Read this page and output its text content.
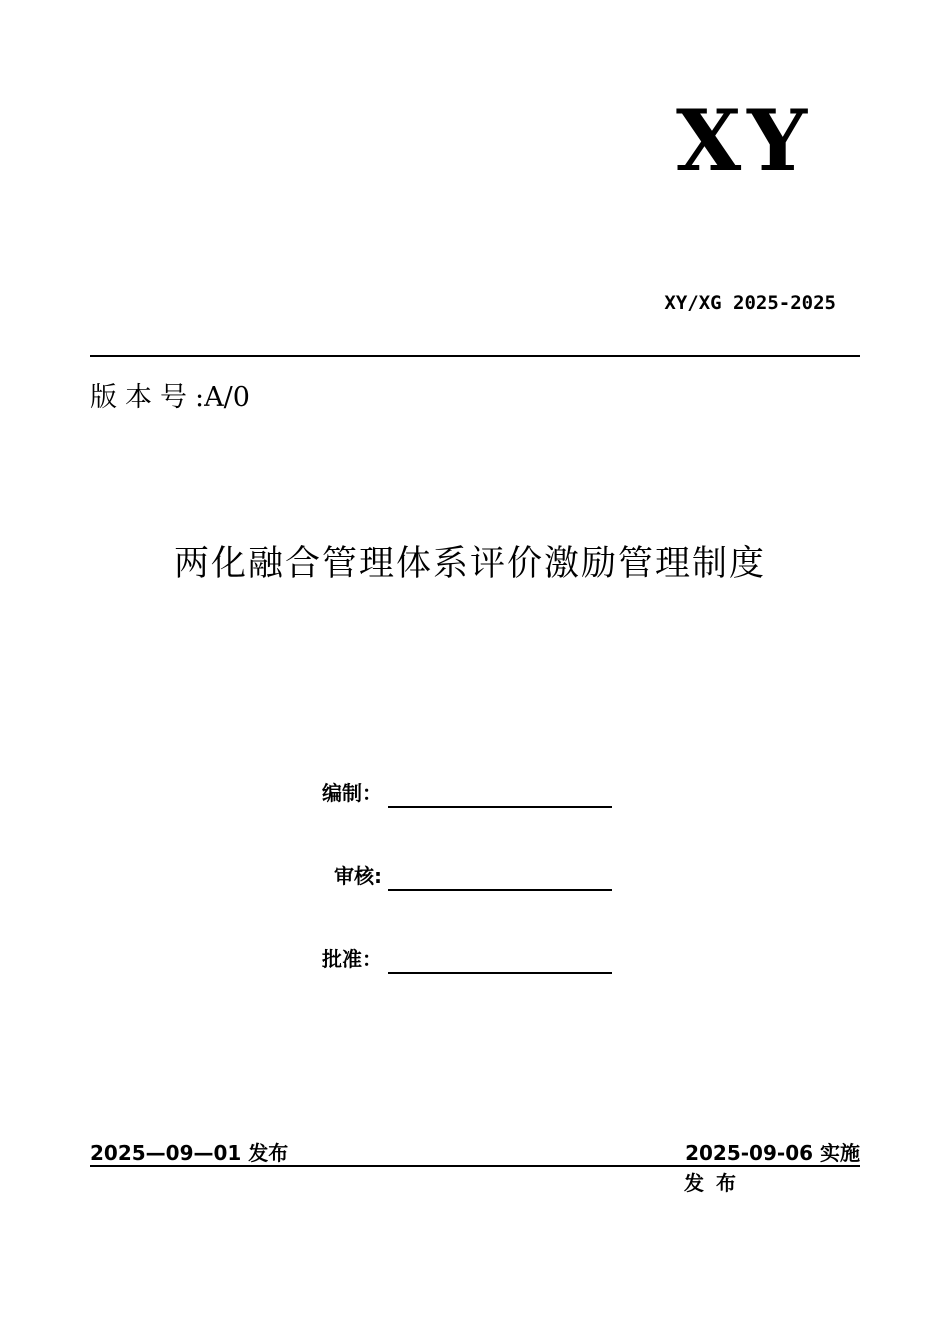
XY
XY/XG 2025-2025
版本号:A/0
两化融合管理体系评价激励管理制度
编制：
审核:
批准：
2025—09—01 发布	2025-09-06 实施
发布
